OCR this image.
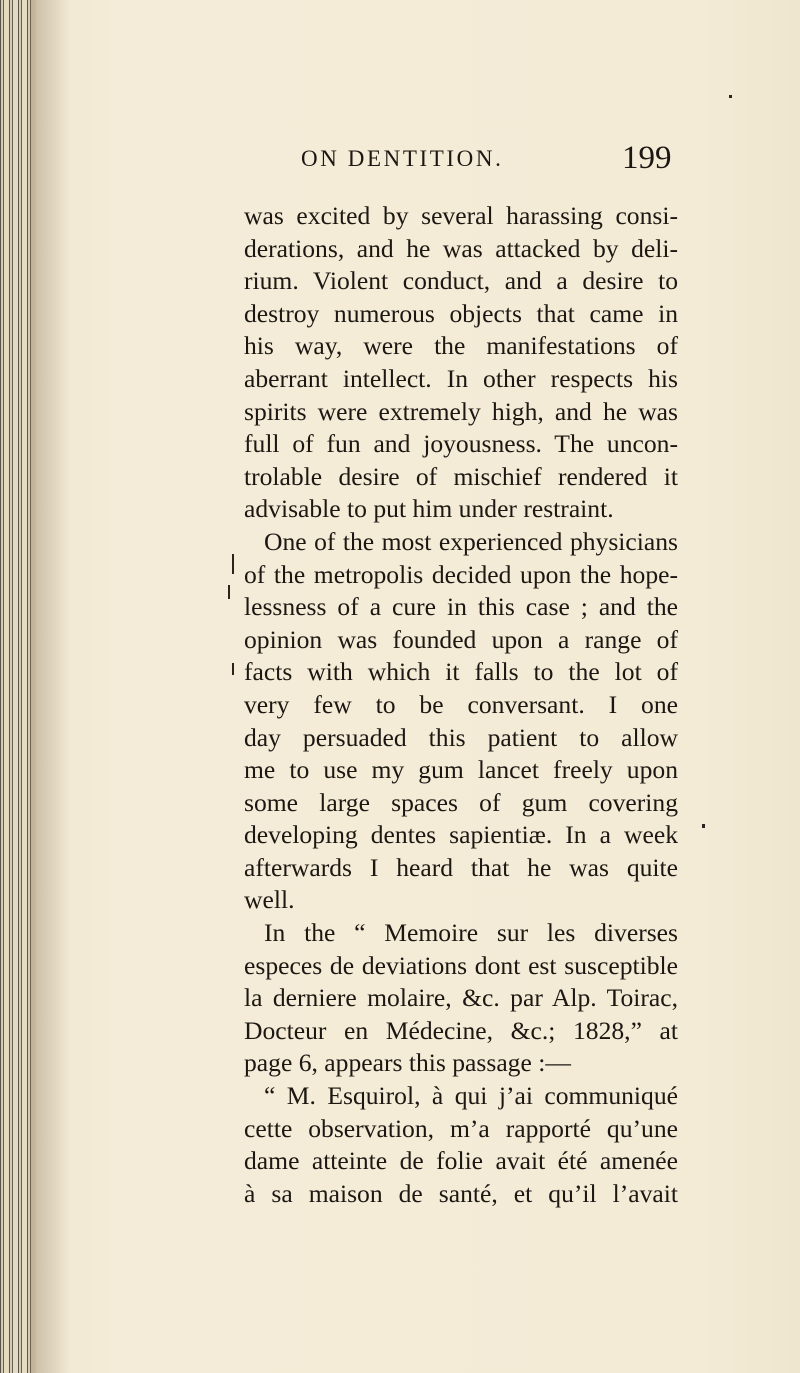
ON DENTITION.	199
was excited by several harassing consi-
derations, and he was attacked by deli-
rium. Violent conduct, and a desire to
destroy numerous objects that came in
his way, were the manifestations of
aberrant intellect. In other respects his
spirits were extremely high, and he was
full of fun and joyousness. The uncon-
trolable desire of mischief rendered it
advisable to put him under restraint.
One of the most experienced physicians
of the metropolis decided upon the hope-
lessness of a cure in this case ; and the
opinion was founded upon a range of
facts with which it falls to the lot of
very few to be conversant. I one
day persuaded this patient to allow
me to use my gum lancet freely upon
some large spaces of gum covering
developing dentes sapientiæ. In a week
afterwards I heard that he was quite
well.
In the “ Memoire sur les diverses
especes de deviations dont est susceptible
la derniere molaire, &c. par Alp. Toirac,
Docteur en Médecine, &c.; 1828,” at
page 6, appears this passage :—
“ M. Esquirol, à qui j’ai communiqué
cette observation, m’a rapporté qu’une
dame atteinte de folie avait été amenée
à sa maison de santé, et qu’il l’avait
